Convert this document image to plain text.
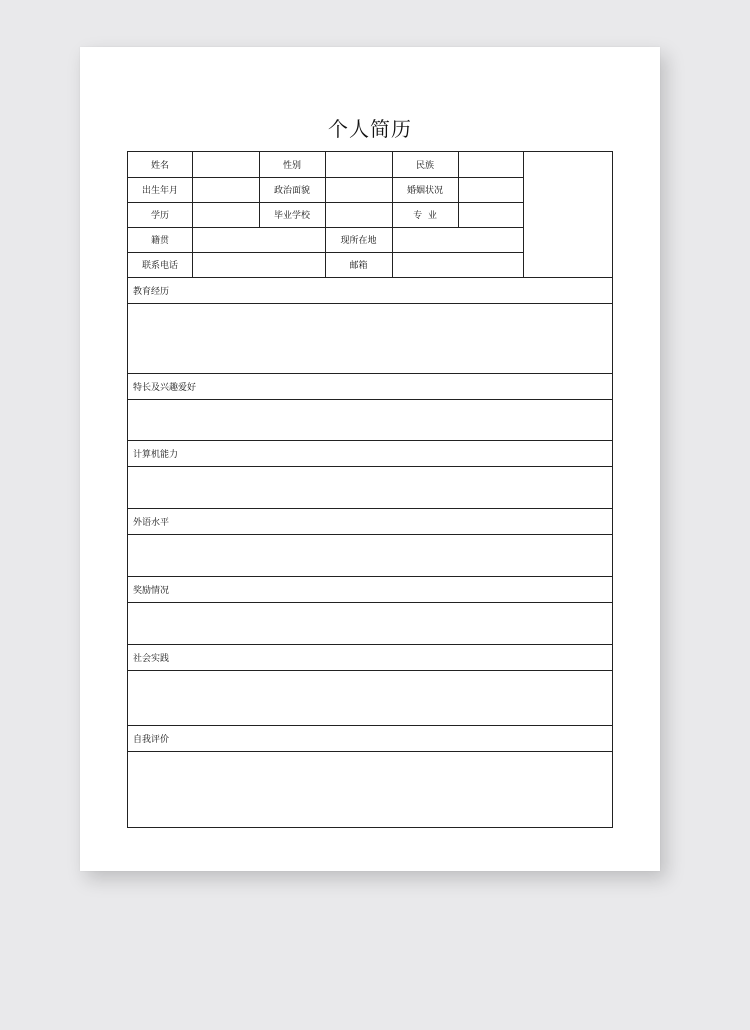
个人简历
姓名	性别	民族
出生年月	政治面貌	婚姻状况
学历	毕业学校	专  业
籍贯	现所在地
联系电话	邮箱
教育经历
特长及兴趣爱好
计算机能力
外语水平
奖励情况
社会实践
自我评价
